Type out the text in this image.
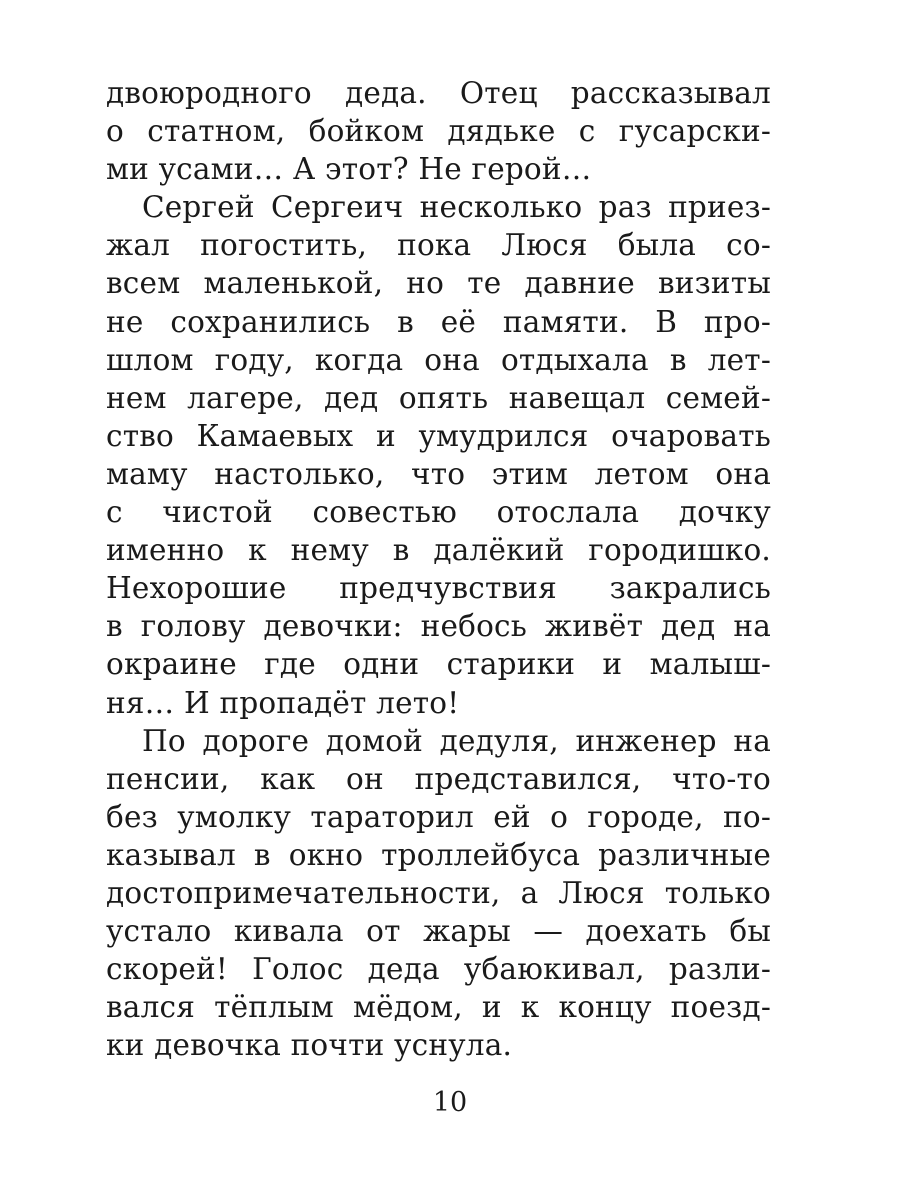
двоюродного деда. Отец рассказывал
о статном, бойком дядьке с гусарски-
ми усами… А этот? Не герой…
Сергей Сергеич несколько раз приез-
жал погостить, пока Люся была со-
всем маленькой, но те давние визиты
не сохранились в её памяти. В про-
шлом году, когда она отдыхала в лет-
нем лагере, дед опять навещал семей-
ство Камаевых и умудрился очаровать
маму настолько, что этим летом она
с чистой совестью отослала дочку
именно к нему в далёкий городишко.
Нехорошие предчувствия закрались
в голову девочки: небось живёт дед на
окраине где одни старики и малыш-
ня… И пропадёт лето!
По дороге домой дедуля, инженер на
пенсии, как он представился, что-то
без умолку тараторил ей о городе, по-
казывал в окно троллейбуса различные
достопримечательности, а Люся только
устало кивала от жары — доехать бы
скорей! Голос деда убаюкивал, разли-
вался тёплым мёдом, и к концу поезд-
ки девочка почти уснула.
10
